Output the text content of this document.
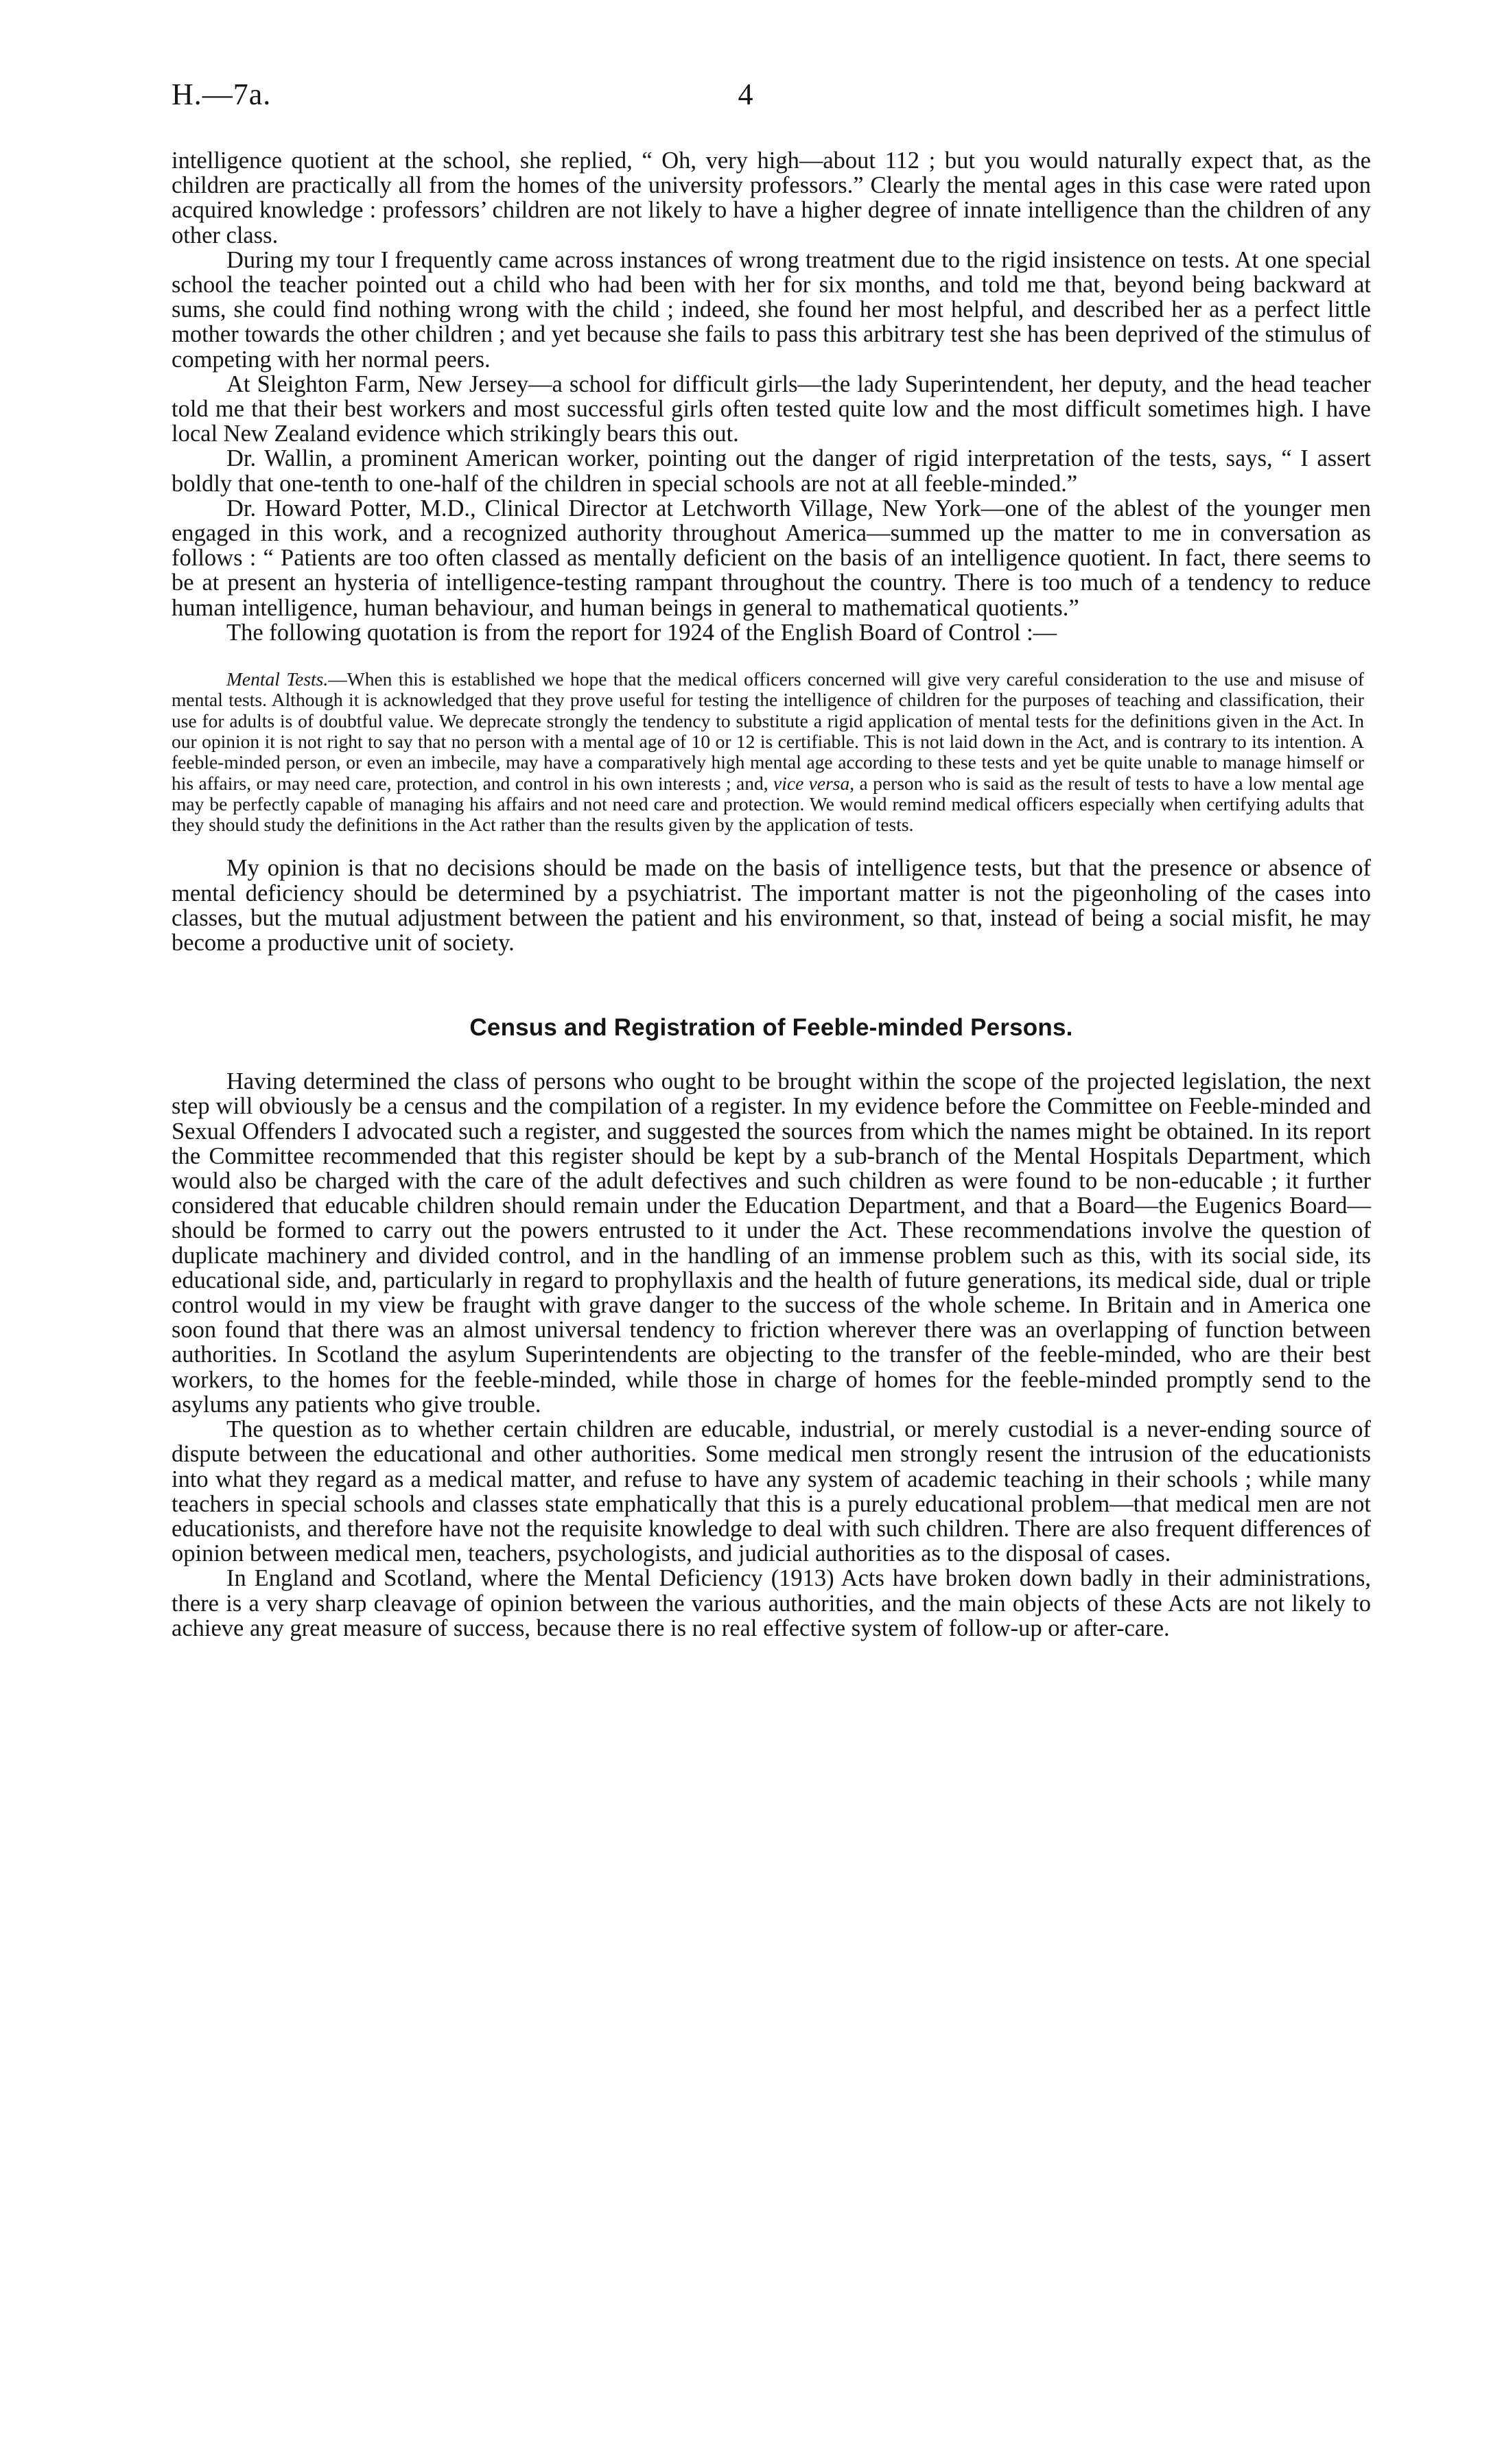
H.—7a.	4

intelligence quotient at the school, she replied, “ Oh, very high—about 112 ; but you would naturally expect that, as the children are practically all from the homes of the university professors.” Clearly the mental ages in this case were rated upon acquired knowledge : professors’ children are not likely to have a higher degree of innate intelligence than the children of any other class.

During my tour I frequently came across instances of wrong treatment due to the rigid insistence on tests. At one special school the teacher pointed out a child who had been with her for six months, and told me that, beyond being backward at sums, she could find nothing wrong with the child ; indeed, she found her most helpful, and described her as a perfect little mother towards the other children ; and yet because she fails to pass this arbitrary test she has been deprived of the stimulus of competing with her normal peers.

At Sleighton Farm, New Jersey—a school for difficult girls—the lady Superintendent, her deputy, and the head teacher told me that their best workers and most successful girls often tested quite low and the most difficult sometimes high. I have local New Zealand evidence which strikingly bears this out.

Dr. Wallin, a prominent American worker, pointing out the danger of rigid interpretation of the tests, says, “ I assert boldly that one-tenth to one-half of the children in special schools are not at all feeble-minded.”

Dr. Howard Potter, M.D., Clinical Director at Letchworth Village, New York—one of the ablest of the younger men engaged in this work, and a recognized authority throughout America—summed up the matter to me in conversation as follows : “ Patients are too often classed as mentally deficient on the basis of an intelligence quotient. In fact, there seems to be at present an hysteria of intelligence-testing rampant throughout the country. There is too much of a tendency to reduce human intelligence, human behaviour, and human beings in general to mathematical quotients.”

The following quotation is from the report for 1924 of the English Board of Control :—

Mental Tests.—When this is established we hope that the medical officers concerned will give very careful consideration to the use and misuse of mental tests. Although it is acknowledged that they prove useful for testing the intelligence of children for the purposes of teaching and classification, their use for adults is of doubtful value. We deprecate strongly the tendency to substitute a rigid application of mental tests for the definitions given in the Act. In our opinion it is not right to say that no person with a mental age of 10 or 12 is certifiable. This is not laid down in the Act, and is contrary to its intention. A feeble-minded person, or even an imbecile, may have a comparatively high mental age according to these tests and yet be quite unable to manage himself or his affairs, or may need care, protection, and control in his own interests ; and, vice versa, a person who is said as the result of tests to have a low mental age may be perfectly capable of managing his affairs and not need care and protection. We would remind medical officers especially when certifying adults that they should study the definitions in the Act rather than the results given by the application of tests.

My opinion is that no decisions should be made on the basis of intelligence tests, but that the presence or absence of mental deficiency should be determined by a psychiatrist. The important matter is not the pigeonholing of the cases into classes, but the mutual adjustment between the patient and his environment, so that, instead of being a social misfit, he may become a productive unit of society.

Census and Registration of Feeble-minded Persons.

Having determined the class of persons who ought to be brought within the scope of the projected legislation, the next step will obviously be a census and the compilation of a register. In my evidence before the Committee on Feeble-minded and Sexual Offenders I advocated such a register, and suggested the sources from which the names might be obtained. In its report the Committee recommended that this register should be kept by a sub-branch of the Mental Hospitals Department, which would also be charged with the care of the adult defectives and such children as were found to be non-educable ; it further considered that educable children should remain under the Education Department, and that a Board—the Eugenics Board—should be formed to carry out the powers entrusted to it under the Act. These recommendations involve the question of duplicate machinery and divided control, and in the handling of an immense problem such as this, with its social side, its educational side, and, particularly in regard to prophyllaxis and the health of future generations, its medical side, dual or triple control would in my view be fraught with grave danger to the success of the whole scheme. In Britain and in America one soon found that there was an almost universal tendency to friction wherever there was an overlapping of function between authorities. In Scotland the asylum Superintendents are objecting to the transfer of the feeble-minded, who are their best workers, to the homes for the feeble-minded, while those in charge of homes for the feeble-minded promptly send to the asylums any patients who give trouble.

The question as to whether certain children are educable, industrial, or merely custodial is a never-ending source of dispute between the educational and other authorities. Some medical men strongly resent the intrusion of the educationists into what they regard as a medical matter, and refuse to have any system of academic teaching in their schools ; while many teachers in special schools and classes state emphatically that this is a purely educational problem—that medical men are not educationists, and therefore have not the requisite knowledge to deal with such children. There are also frequent differences of opinion between medical men, teachers, psychologists, and judicial authorities as to the disposal of cases.

In England and Scotland, where the Mental Deficiency (1913) Acts have broken down badly in their administrations, there is a very sharp cleavage of opinion between the various authorities, and the main objects of these Acts are not likely to achieve any great measure of success, because there is no real effective system of follow-up or after-care.
